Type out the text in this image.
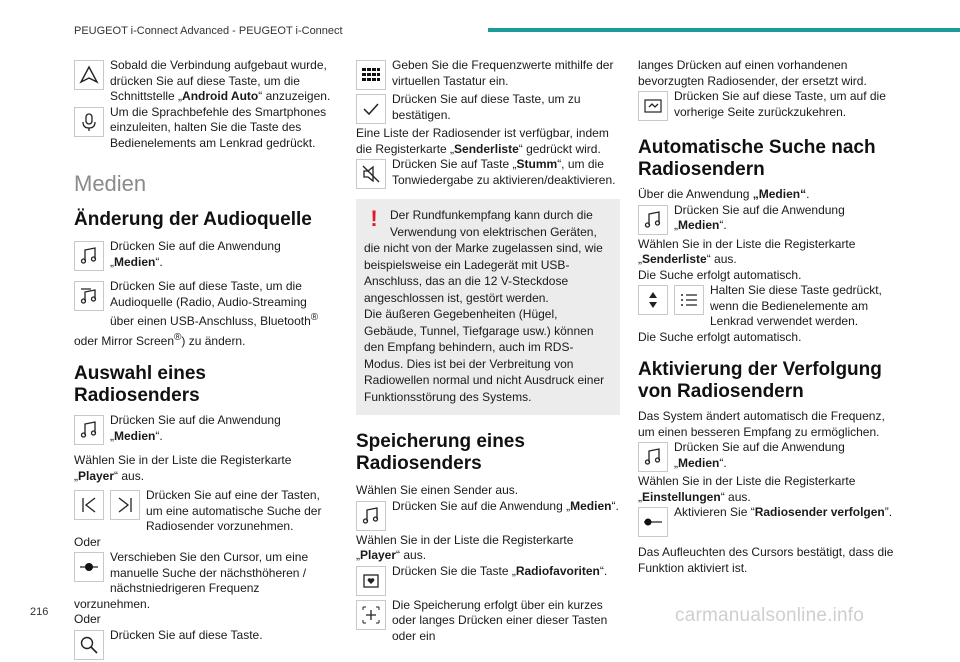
PEUGEOT i-Connect Advanced - PEUGEOT i-Connect

Sobald die Verbindung aufgebaut wurde, drücken Sie auf diese Taste, um die Schnittstelle „Android Auto“ anzuzeigen.

Um die Sprachbefehle des Smartphones einzuleiten, halten Sie die Taste des Bedienelements am Lenkrad gedrückt.

Medien
Änderung der Audioquelle

Drücken Sie auf die Anwendung „Medien“.

Drücken Sie auf diese Taste, um die Audioquelle (Radio, Audio-Streaming über einen USB-Anschluss, Bluetooth® oder Mirror Screen®) zu ändern.

Auswahl eines Radiosenders

Drücken Sie auf die Anwendung „Medien“.

Wählen Sie in der Liste die Registerkarte „Player“ aus.

Drücken Sie auf eine der Tasten, um eine automatische Suche der Radiosender vorzunehmen.

Oder

Verschieben Sie den Cursor, um eine manuelle Suche der nächsthöheren / nächstniedrigeren Frequenz vorzunehmen.

Oder

Drücken Sie auf diese Taste.

Geben Sie die Frequenzwerte mithilfe der virtuellen Tastatur ein.

Drücken Sie auf diese Taste, um zu bestätigen.

Eine Liste der Radiosender ist verfügbar, indem die Registerkarte „Senderliste“ gedrückt wird.

Drücken Sie auf Taste „Stumm“, um die Tonwiedergabe zu aktivieren/deaktivieren.

!	Der Rundfunkempfang kann durch die Verwendung von elektrischen Geräten, die nicht von der Marke zugelassen sind, wie beispielsweise ein Ladegerät mit USB-Anschluss, das an die 12 V-Steckdose angeschlossen ist, gestört werden.

Die äußeren Gegebenheiten (Hügel, Gebäude, Tunnel, Tiefgarage usw.) können den Empfang behindern, auch im RDS-Modus. Dies ist bei der Verbreitung von Radiowellen normal und nicht Ausdruck einer Funktionsstörung des Systems.

Speicherung eines Radiosenders

Wählen Sie einen Sender aus.

Drücken Sie auf die Anwendung „Medien“.

Wählen Sie in der Liste die Registerkarte „Player“ aus.

Drücken Sie die Taste „Radiofavoriten“.

Die Speicherung erfolgt über ein kurzes oder langes Drücken einer dieser Tasten oder ein

langes Drücken auf einen vorhandenen bevorzugten Radiosender, der ersetzt wird.

Drücken Sie auf diese Taste, um auf die vorherige Seite zurückzukehren.

Automatische Suche nach Radiosendern

Über die Anwendung „Medien“.

Drücken Sie auf die Anwendung „Medien“.

Wählen Sie in der Liste die Registerkarte „Senderliste“ aus.

Die Suche erfolgt automatisch.

Halten Sie diese Taste gedrückt, wenn die Bedienelemente am Lenkrad verwendet werden.

Die Suche erfolgt automatisch.

Aktivierung der Verfolgung von Radiosendern

Das System ändert automatisch die Frequenz, um einen besseren Empfang zu ermöglichen.

Drücken Sie auf die Anwendung „Medien“.

Wählen Sie in der Liste die Registerkarte „Einstellungen“ aus.

Aktivieren Sie “Radiosender verfolgen”.

Das Aufleuchten des Cursors bestätigt, dass die Funktion aktiviert ist.

216	carmanualsonline.info
